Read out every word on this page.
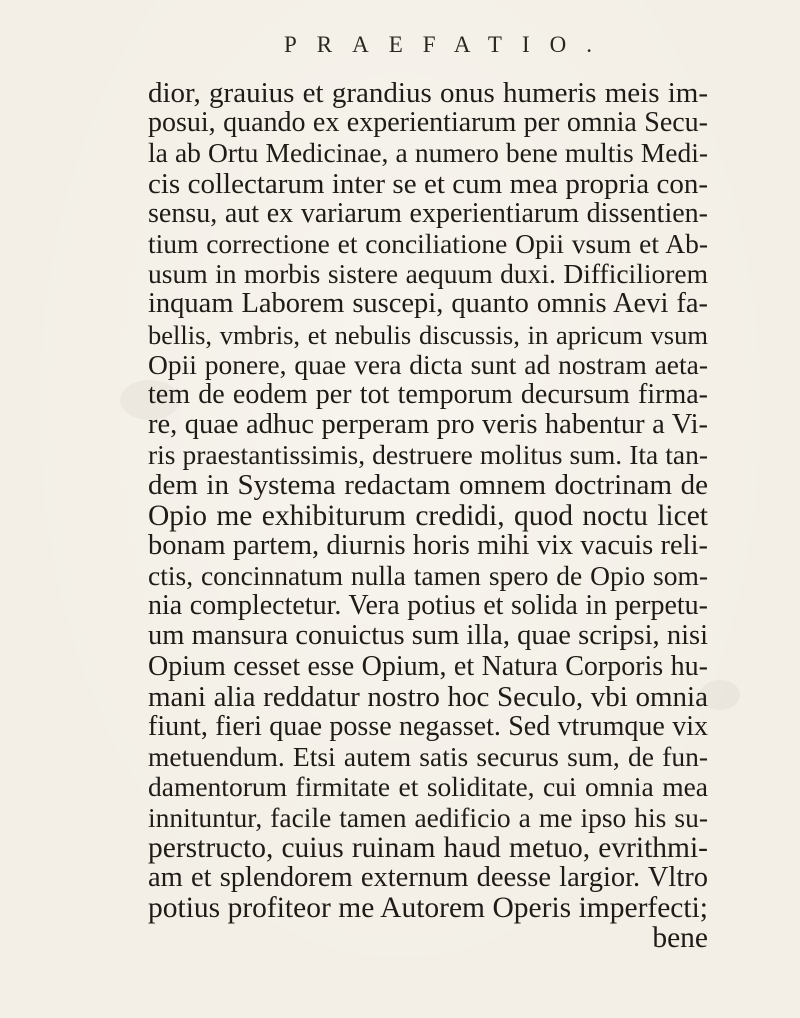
PRAEFATIO.
dior, grauius et grandius onus humeris meis im-
posui, quando ex experientiarum per omnia Secu-
la ab Ortu Medicinae, a numero bene multis Medi-
cis collectarum inter se et cum mea propria con-
sensu, aut ex variarum experientiarum dissentien-
tium correctione et conciliatione Opii vsum et Ab-
usum in morbis sistere aequum duxi. Difficiliorem
inquam Laborem suscepi, quanto omnis Aevi fa-
bellis, vmbris, et nebulis discussis, in apricum vsum
Opii ponere, quae vera dicta sunt ad nostram aeta-
tem de eodem per tot temporum decursum firma-
re, quae adhuc perperam pro veris habentur a Vi-
ris praestantissimis, destruere molitus sum. Ita tan-
dem in Systema redactam omnem doctrinam de
Opio me exhibiturum credidi, quod noctu licet
bonam partem, diurnis horis mihi vix vacuis reli-
ctis, concinnatum nulla tamen spero de Opio som-
nia complectetur. Vera potius et solida in perpetu-
um mansura conuictus sum illa, quae scripsi, nisi
Opium cesset esse Opium, et Natura Corporis hu-
mani alia reddatur nostro hoc Seculo, vbi omnia
fiunt, fieri quae posse negasset. Sed vtrumque vix
metuendum. Etsi autem satis securus sum, de fun-
damentorum firmitate et soliditate, cui omnia mea
innituntur, facile tamen aedificio a me ipso his su-
perstructo, cuius ruinam haud metuo, evrithmi-
am et splendorem externum deesse largior. Vltro
potius profiteor me Autorem Operis imperfecti;
bene
